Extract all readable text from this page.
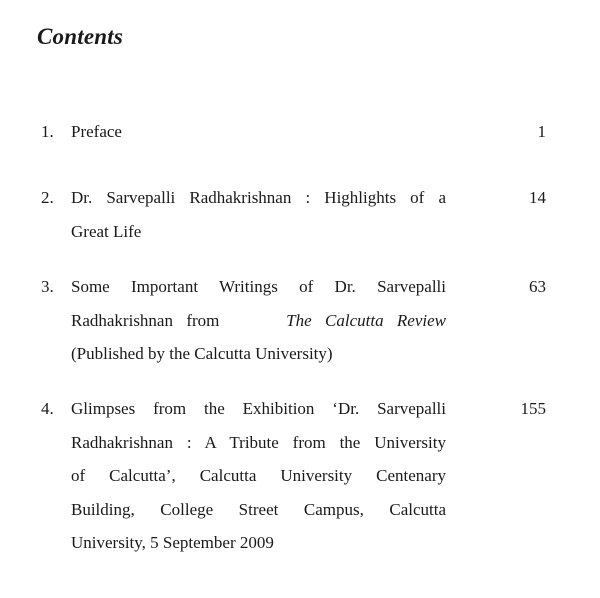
Contents
1. Preface	1
2. Dr. Sarvepalli Radhakrishnan : Highlights of a
Great Life
14
3. Some Important Writings of Dr. Sarvepalli
Radhakrishnan from	The Calcutta Review
(Published by the Calcutta University)
63
4. Glimpses from the Exhibition ‘Dr. Sarvepalli
Radhakrishnan : A Tribute from the University
of Calcutta’, Calcutta University Centenary
Building, College Street Campus, Calcutta
University, 5 September 2009
155
